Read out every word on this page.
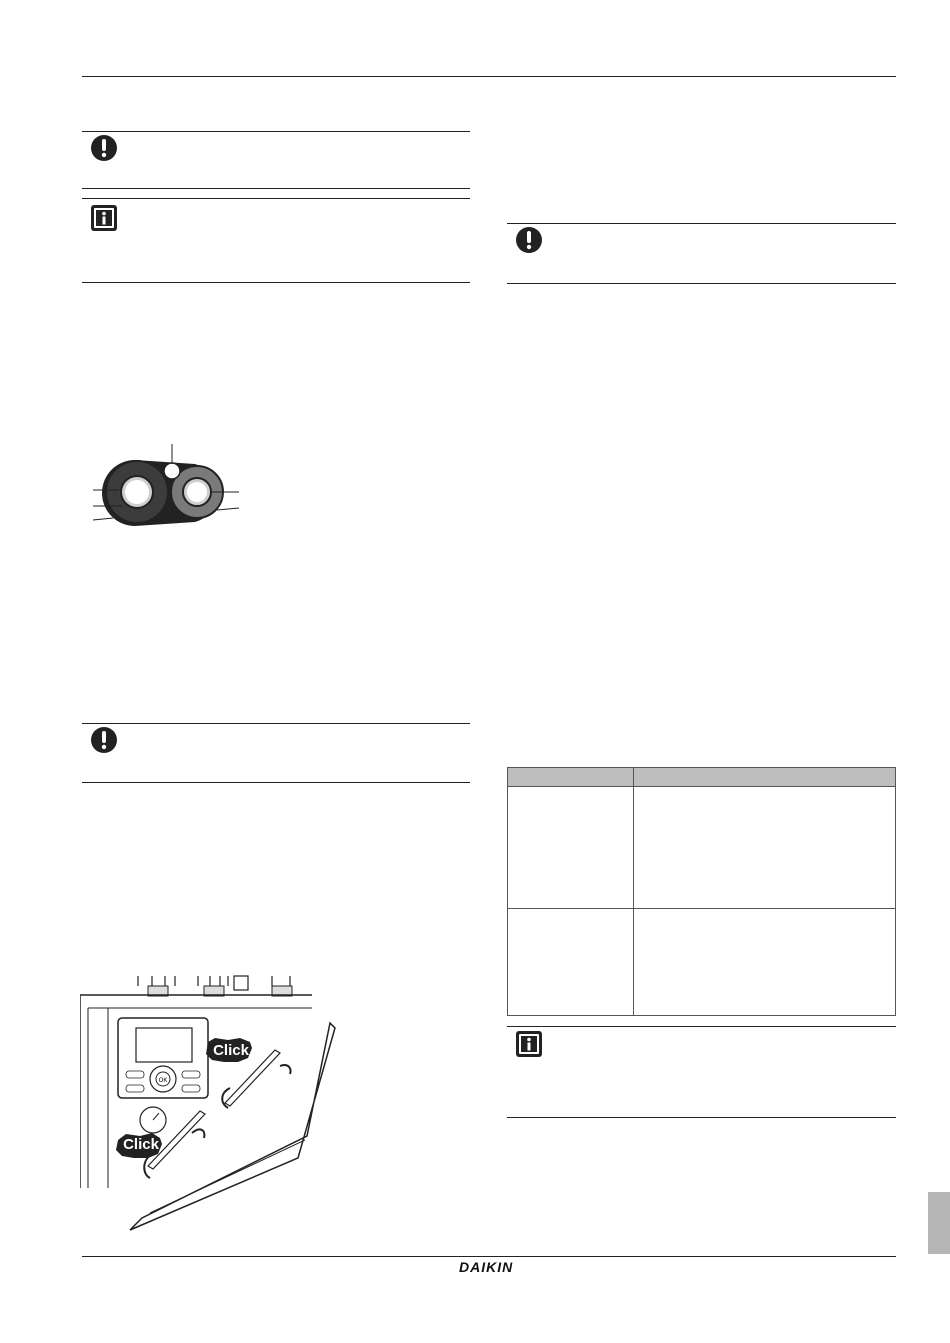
OK
Click
Click

DAIKIN
